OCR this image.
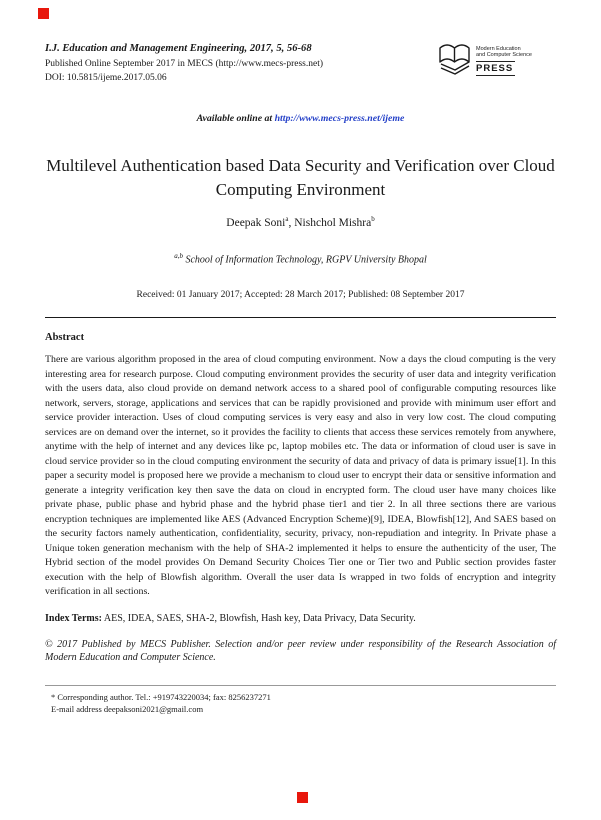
I.J. Education and Management Engineering, 2017, 5, 56-68
Published Online September 2017 in MECS (http://www.mecs-press.net)
DOI: 10.5815/ijeme.2017.05.06
Modern Education
and Computer Science
PRESS
Available online at http://www.mecs-press.net/ijeme
Multilevel Authentication based Data Security and Verification over Cloud Computing Environment
Deepak Soni$^a$, Nishchol Mishra$^b$
$^{a,b}$ School of Information Technology, RGPV University Bhopal
Received: 01 January 2017; Accepted: 28 March 2017; Published: 08 September 2017
Abstract

There are various algorithm proposed in the area of cloud computing environment. Now a days the cloud computing is the very interesting area for research purpose. Cloud computing environment provides the security of user data and integrity verification with the users data, also cloud provide on demand network access to a shared pool of configurable computing resources like network, servers, storage, applications and services that can be rapidly provisioned and provide with minimum user effort and service provider interaction. Uses of cloud computing services is very easy and also in very low cost. The cloud computing services are on demand over the internet, so it provides the facility to clients that access these services remotely from anywhere, anytime with the help of internet and any devices like pc, laptop mobiles etc. The data or information of cloud user is save in cloud service provider so in the cloud computing environment the security of data and privacy of data is primary issue[1]. In this paper a security model is proposed here we provide a mechanism to cloud user to encrypt their data or sensitive information and generate a integrity verification key then save the data on cloud in encrypted form. The cloud user have many choices like private phase, public phase and hybrid phase and the hybrid phase tier1 and tier 2. In all three sections there are various encryption techniques are implemented like AES (Advanced Encryption Scheme)[9], IDEA, Blowfish[12], And SAES based on the security factors namely authentication, confidentiality, security, privacy, non-repudiation and integrity. In Private phase a Unique token generation mechanism with the help of SHA-2 implemented it helps to ensure the authenticity of the user, The Hybrid section of the model provides On Demand Security Choices Tier one or Tier two and Public section provides faster execution with the help of Blowfish algorithm. Overall the user data Is wrapped in two folds of encryption and integrity verification in all sections.

Index Terms: AES, IDEA, SAES, SHA-2, Blowfish, Hash key, Data Privacy, Data Security.

© 2017 Published by MECS Publisher. Selection and/or peer review under responsibility of the Research Association of Modern Education and Computer Science.

* Corresponding author. Tel.: +919743220034; fax: 8256237271
E-mail address deepaksoni2021@gmail.com
